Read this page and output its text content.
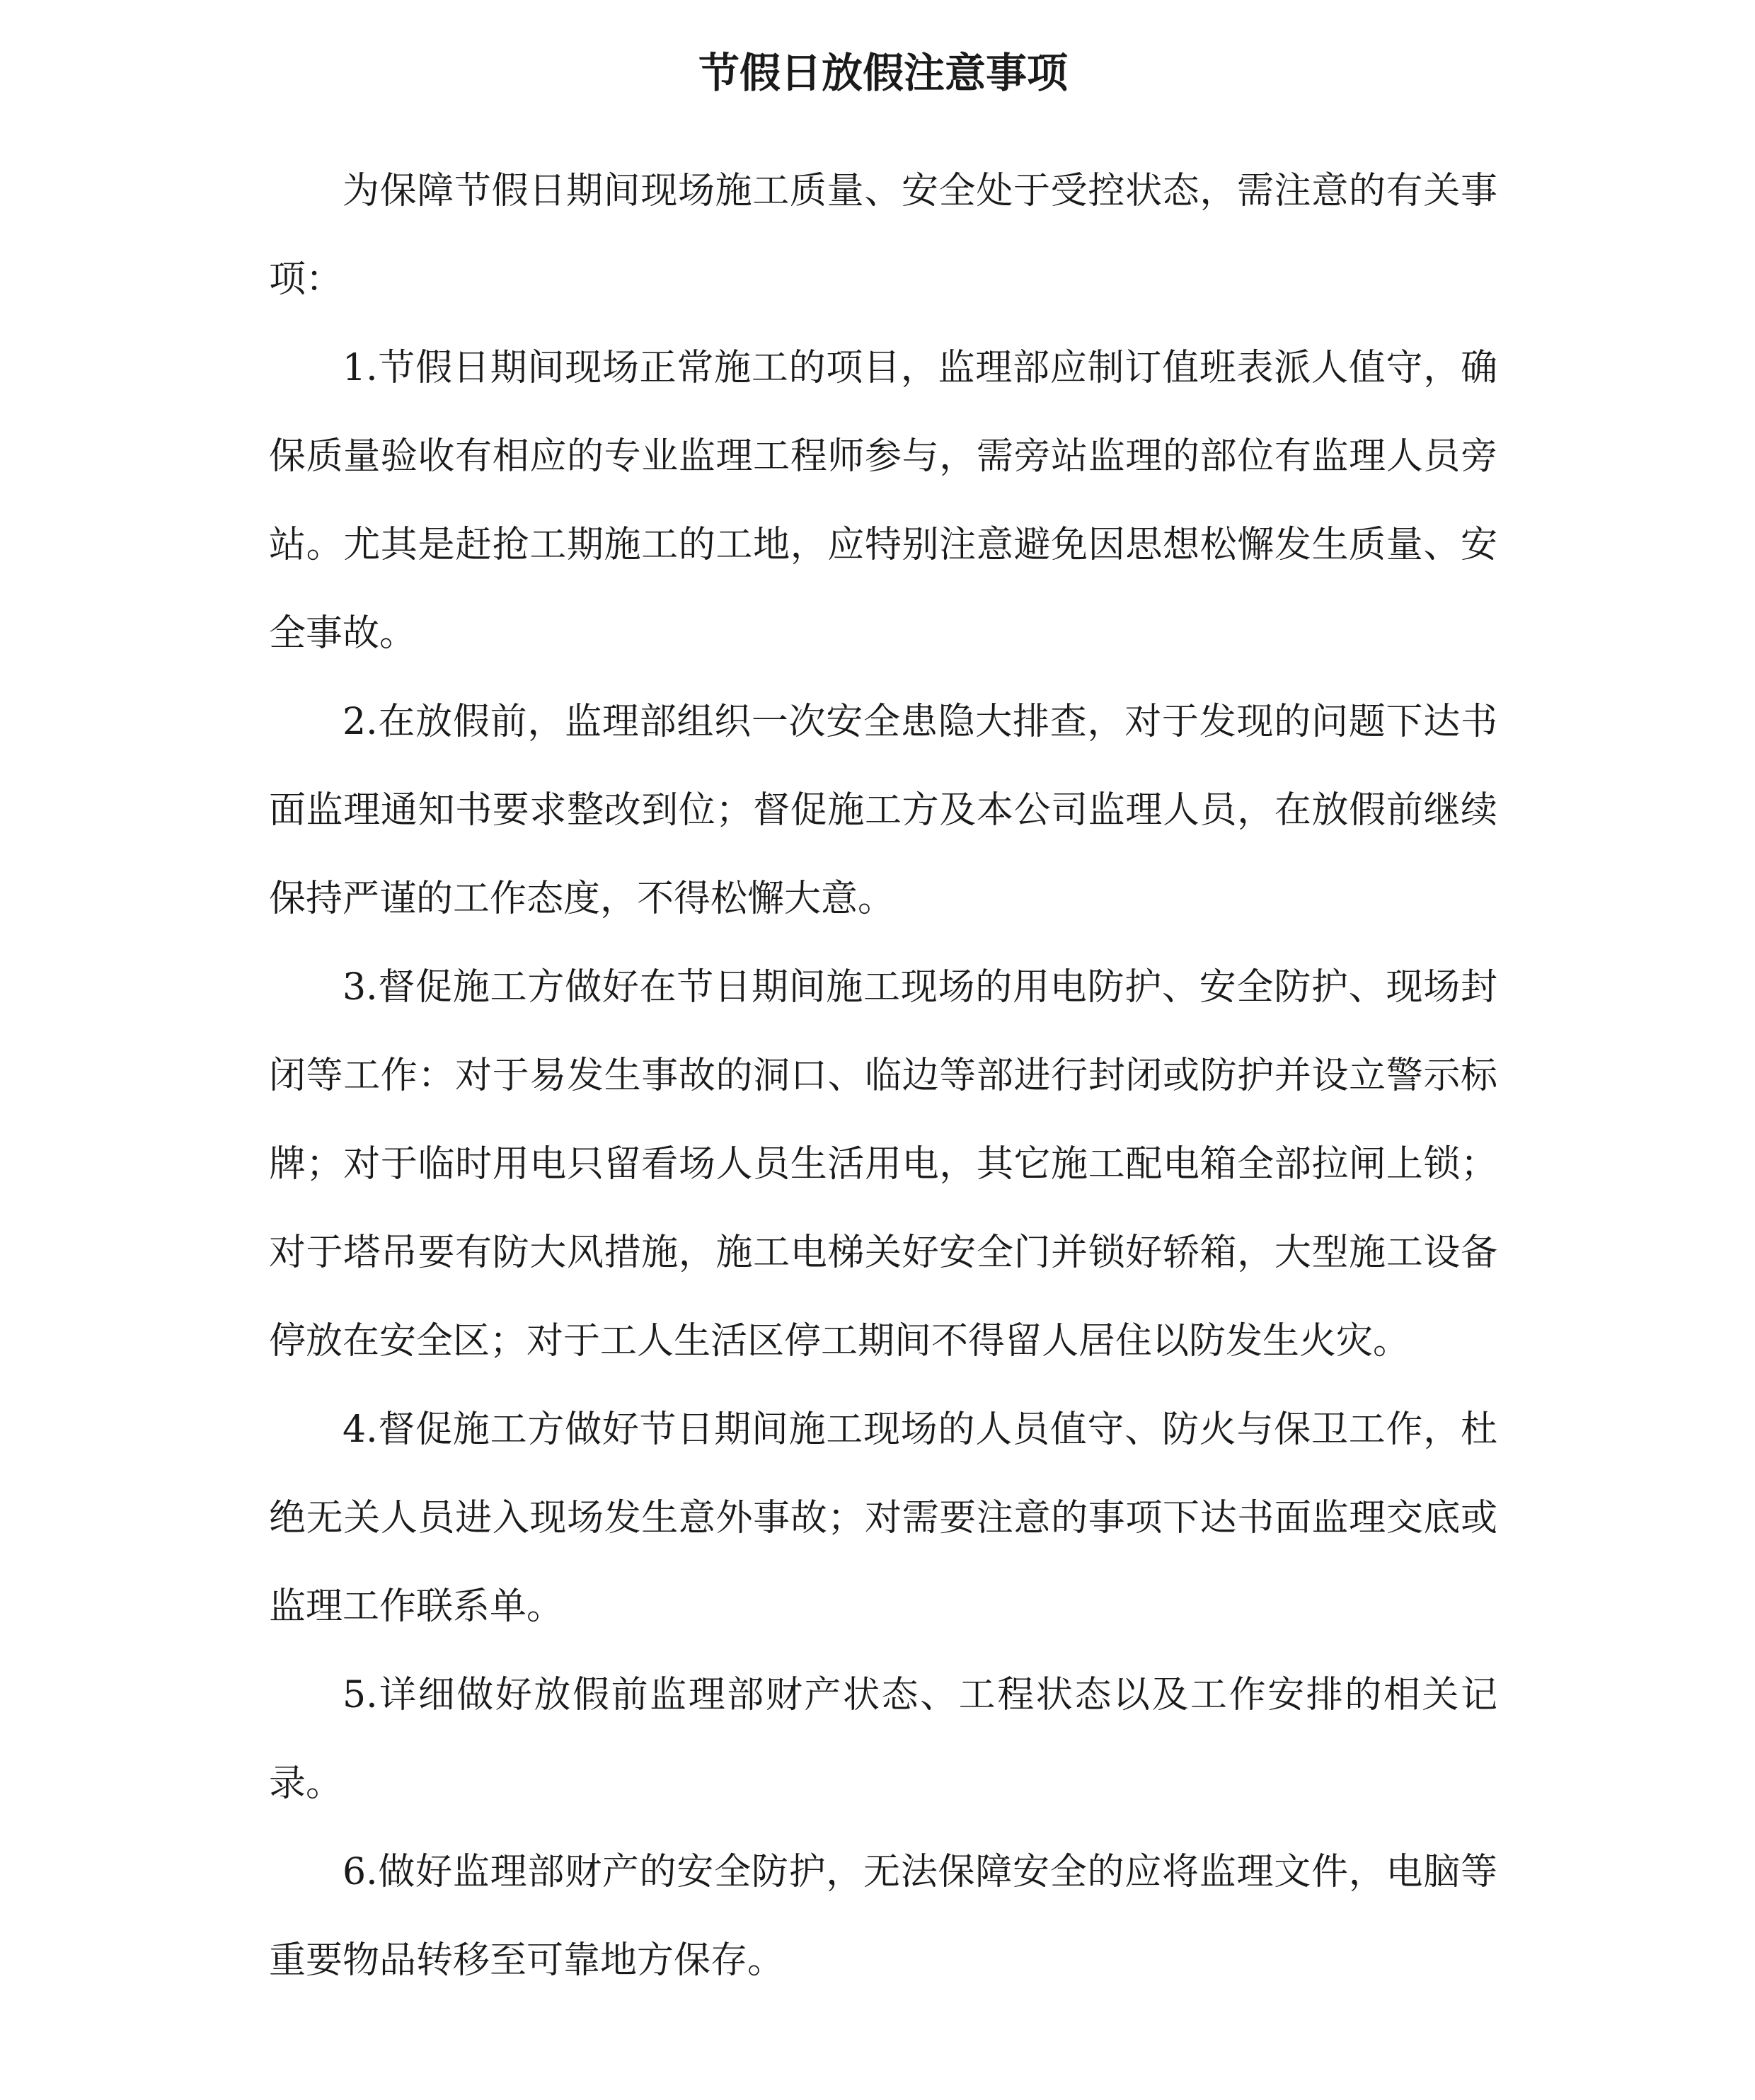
节假日放假注意事项

为保障节假日期间现场施工质量、安全处于受控状态，需注意的有关事项：

1.节假日期间现场正常施工的项目，监理部应制订值班表派人值守，确保质量验收有相应的专业监理工程师参与，需旁站监理的部位有监理人员旁站。尤其是赶抢工期施工的工地，应特别注意避免因思想松懈发生质量、安全事故。

2.在放假前，监理部组织一次安全患隐大排查，对于发现的问题下达书面监理通知书要求整改到位；督促施工方及本公司监理人员，在放假前继续保持严谨的工作态度，不得松懈大意。

3.督促施工方做好在节日期间施工现场的用电防护、安全防护、现场封闭等工作：对于易发生事故的洞口、临边等部进行封闭或防护并设立警示标牌；对于临时用电只留看场人员生活用电，其它施工配电箱全部拉闸上锁；对于塔吊要有防大风措施，施工电梯关好安全门并锁好轿箱，大型施工设备停放在安全区；对于工人生活区停工期间不得留人居住以防发生火灾。

4.督促施工方做好节日期间施工现场的人员值守、防火与保卫工作，杜绝无关人员进入现场发生意外事故；对需要注意的事项下达书面监理交底或监理工作联系单。

5.详细做好放假前监理部财产状态、工程状态以及工作安排的相关记录。

6.做好监理部财产的安全防护，无法保障安全的应将监理文件，电脑等重要物品转移至可靠地方保存。
